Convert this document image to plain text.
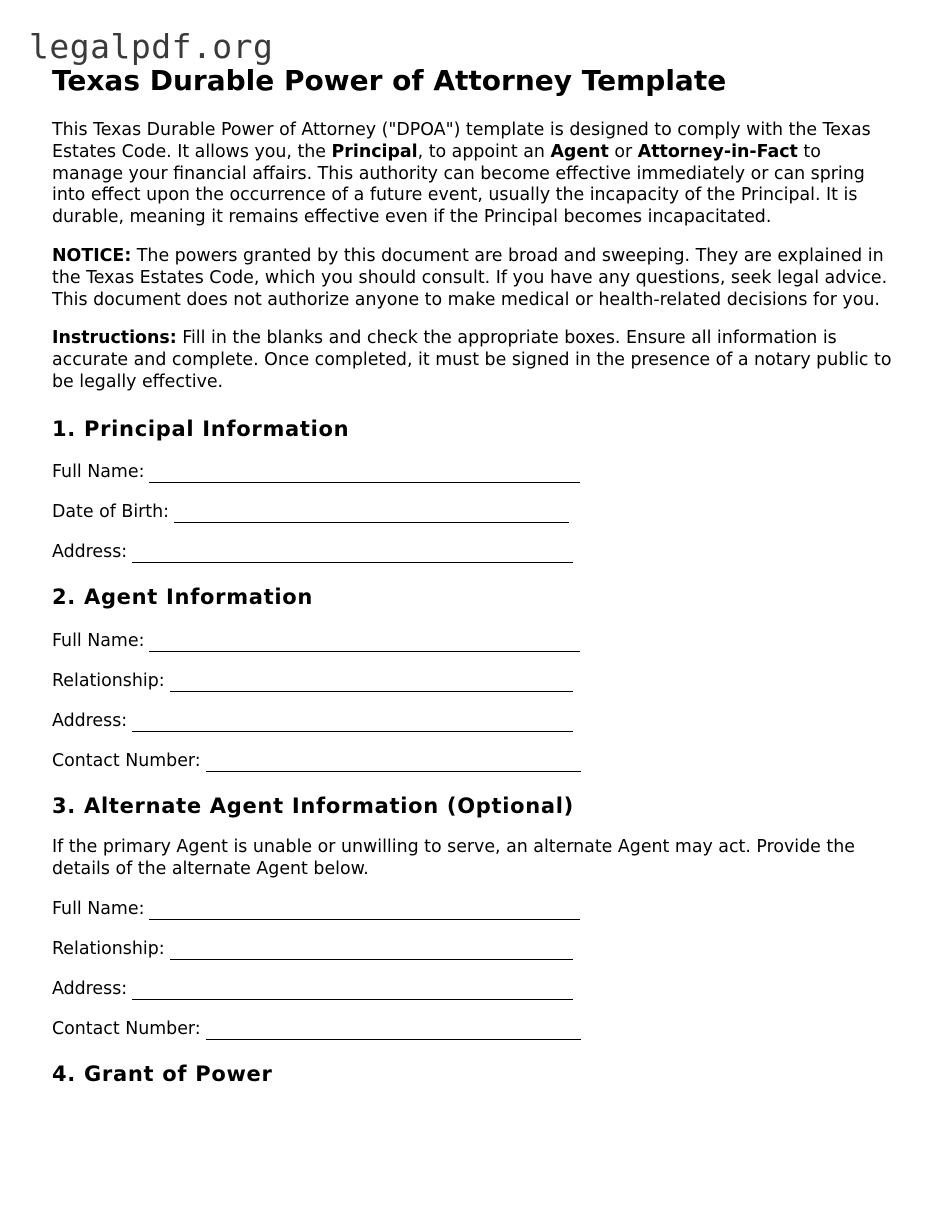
legalpdf.org
Texas Durable Power of Attorney Template

This Texas Durable Power of Attorney ("DPOA") template is designed to comply with the Texas Estates Code. It allows you, the Principal, to appoint an Agent or Attorney-in-Fact to manage your financial affairs. This authority can become effective immediately or can spring into effect upon the occurrence of a future event, usually the incapacity of the Principal. It is durable, meaning it remains effective even if the Principal becomes incapacitated.

NOTICE: The powers granted by this document are broad and sweeping. They are explained in the Texas Estates Code, which you should consult. If you have any questions, seek legal advice. This document does not authorize anyone to make medical or health-related decisions for you.

Instructions: Fill in the blanks and check the appropriate boxes. Ensure all information is accurate and complete. Once completed, it must be signed in the presence of a notary public to be legally effective.

1. Principal Information
Full Name:
Date of Birth:
Address:
2. Agent Information
Full Name:
Relationship:
Address:
Contact Number:
3. Alternate Agent Information (Optional)

If the primary Agent is unable or unwilling to serve, an alternate Agent may act. Provide the details of the alternate Agent below.

Full Name:
Relationship:
Address:
Contact Number:
4. Grant of Power
